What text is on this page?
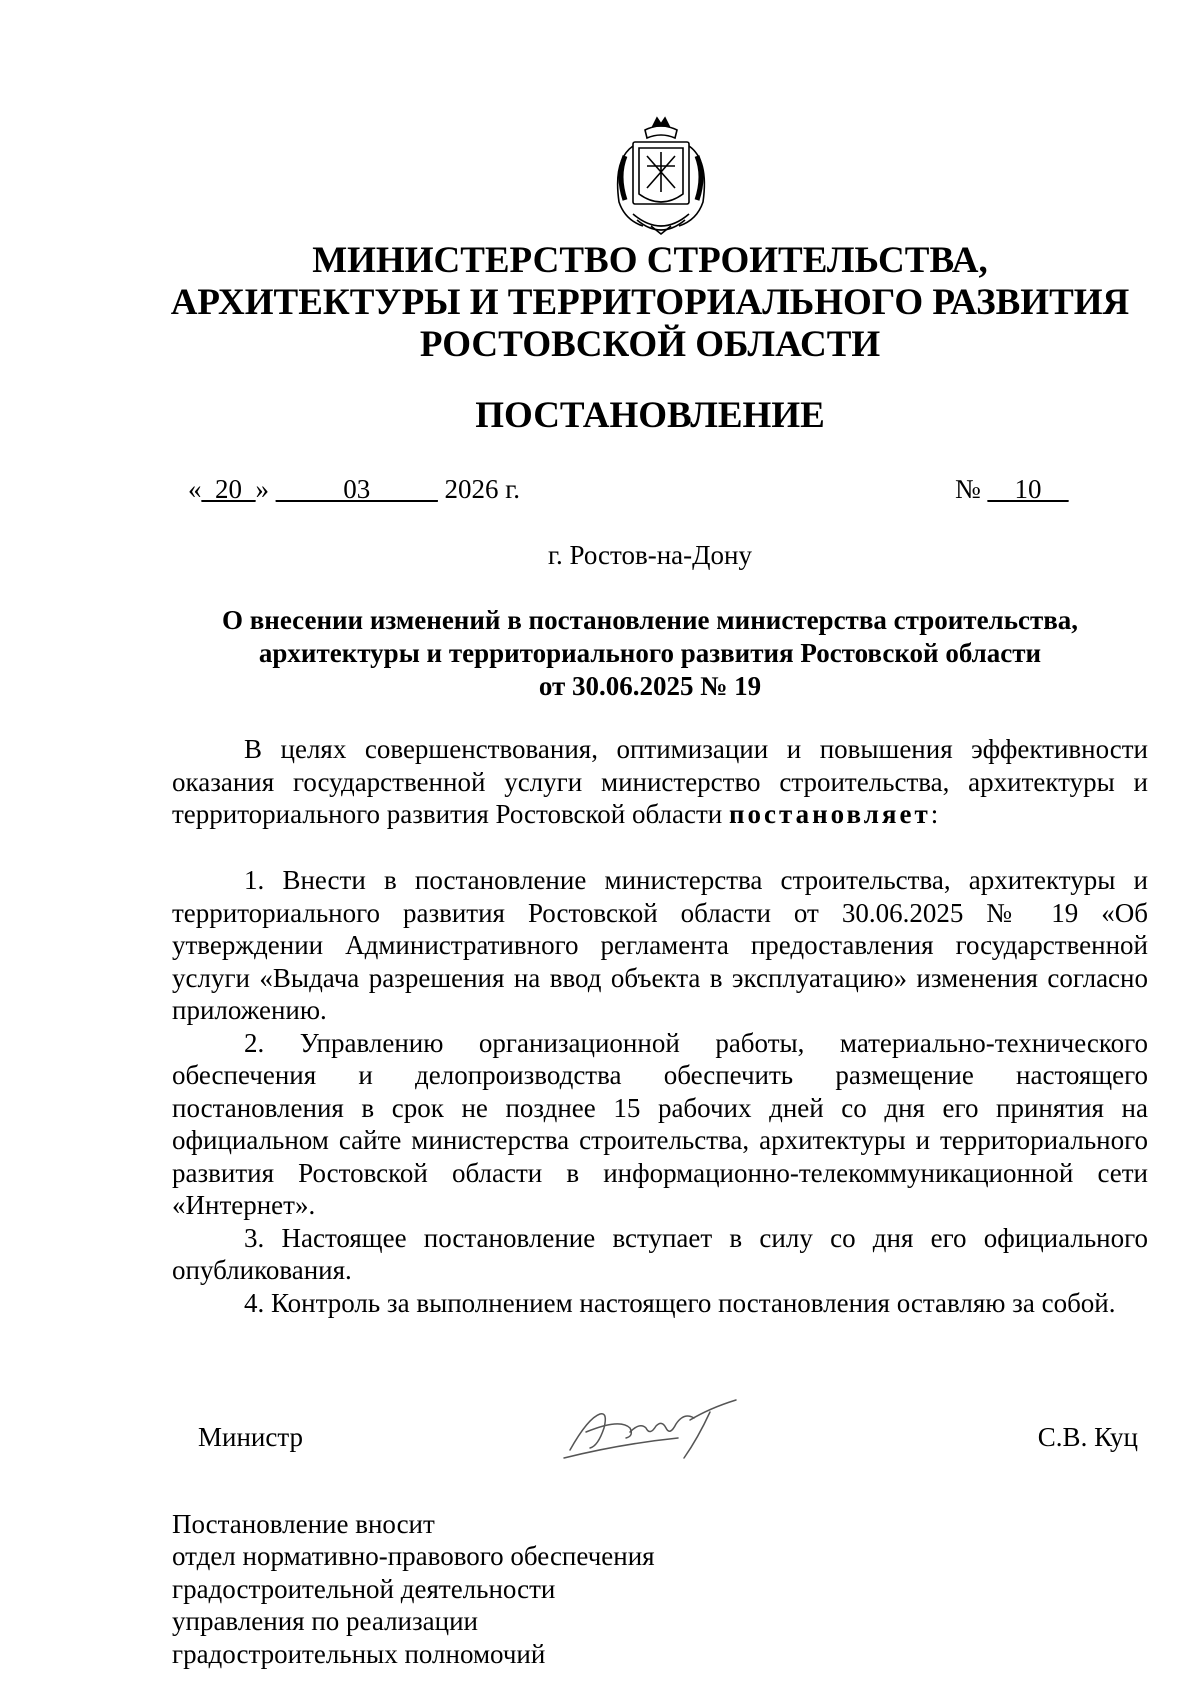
МИНИСТЕРСТВО СТРОИТЕЛЬСТВА,
АРХИТЕКТУРЫ И ТЕРРИТОРИАЛЬНОГО РАЗВИТИЯ
РОСТОВСКОЙ ОБЛАСТИ
ПОСТАНОВЛЕНИЕ
«_20_» _____03_____ 2026 г.	№ __10__
г. Ростов-на-Дону
О внесении изменений в постановление министерства строительства,
архитектуры и территориального развития Ростовской области
от 30.06.2025 № 19

В целях совершенствования, оптимизации и повышения эффективности оказания государственной услуги министерство строительства, архитектуры и территориального развития Ростовской области постановляет:

1. Внести в постановление министерства строительства, архитектуры и территориального развития Ростовской области от 30.06.2025 № 19 «Об утверждении Административного регламента предоставления государственной услуги «Выдача разрешения на ввод объекта в эксплуатацию» изменения согласно приложению.

2. Управлению организационной работы, материально-технического обеспечения и делопроизводства обеспечить размещение настоящего постановления в срок не позднее 15 рабочих дней со дня его принятия на официальном сайте министерства строительства, архитектуры и территориального развития Ростовской области в информационно-телекоммуникационной сети «Интернет».

3. Настоящее постановление вступает в силу со дня его официального опубликования.

4. Контроль за выполнением настоящего постановления оставляю за собой.

Министр	С.В. Куц
Постановление вносит
отдел нормативно-правового обеспечения
градостроительной деятельности
управления по реализации
градостроительных полномочий
